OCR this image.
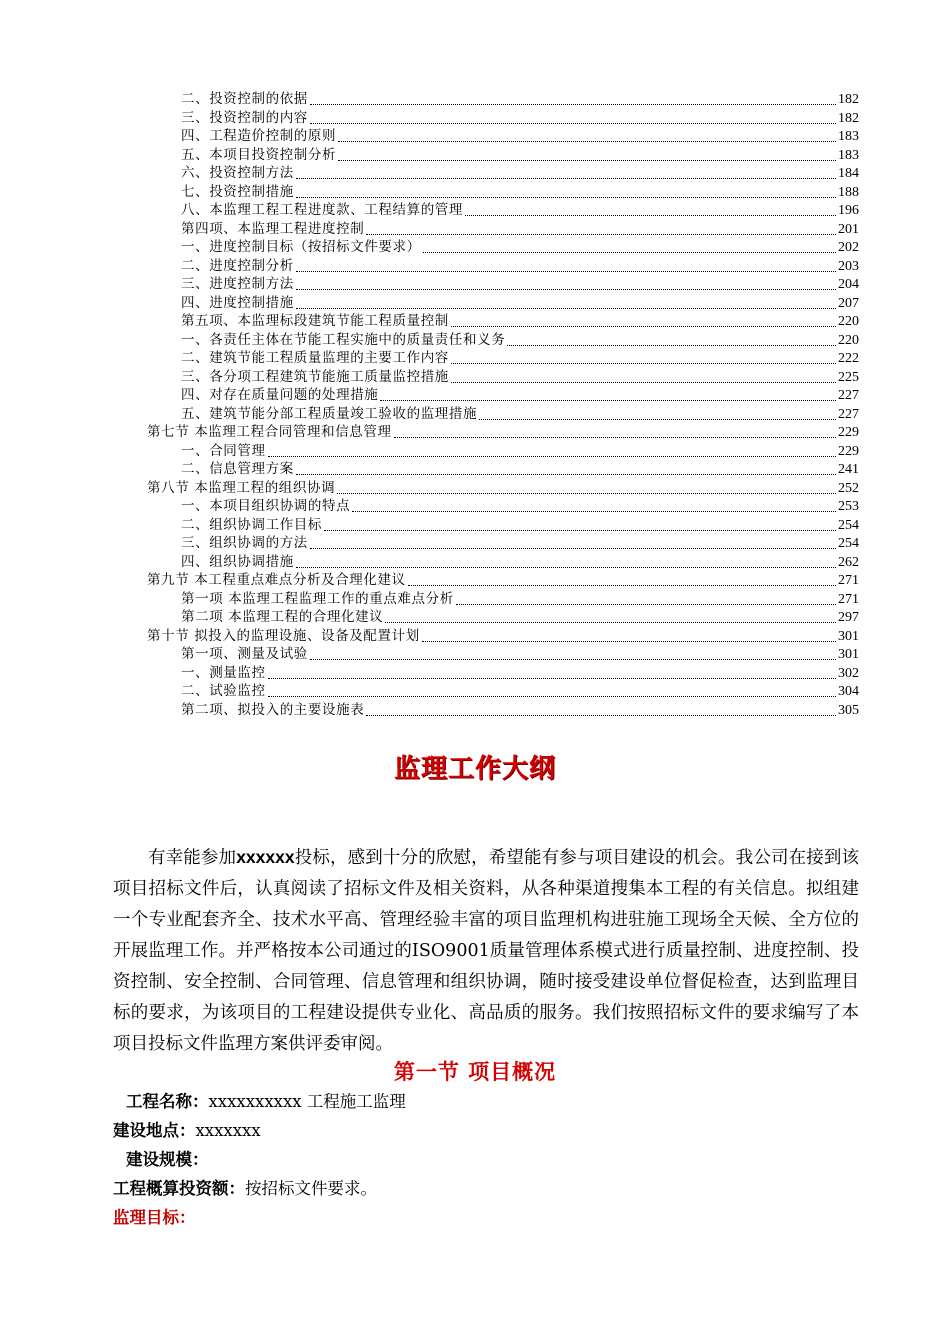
二、投资控制的依据	182
三、投资控制的内容	182
四、工程造价控制的原则	183
五、本项目投资控制分析	183
六、投资控制方法	184
七、投资控制措施	188
八、本监理工程工程进度款、工程结算的管理	196
第四项、本监理工程进度控制	201
一、进度控制目标（按招标文件要求）	202
二、进度控制分析	203
三、进度控制方法	204
四、进度控制措施	207
第五项、本监理标段建筑节能工程质量控制	220
一、各责任主体在节能工程实施中的质量责任和义务	220
二、建筑节能工程质量监理的主要工作内容	222
三、各分项工程建筑节能施工质量监控措施	225
四、对存在质量问题的处理措施	227
五、建筑节能分部工程质量竣工验收的监理措施	227
第七节 本监理工程合同管理和信息管理	229
一、合同管理	229
二、信息管理方案	241
第八节 本监理工程的组织协调	252
一、本项目组织协调的特点	253
二、组织协调工作目标	254
三、组织协调的方法	254
四、组织协调措施	262
第九节 本工程重点难点分析及合理化建议	271
第一项 本监理工程监理工作的重点难点分析	271
第二项 本监理工程的合理化建议	297
第十节 拟投入的监理设施、设备及配置计划	301
第一项、测量及试验	301
一、测量监控	302
二、试验监控	304
第二项、拟投入的主要设施表	305
监理工作大纲
有幸能参加xxxxxx投标，感到十分的欣慰，希望能有参与项目建设的机会。我公司在接到该项目招标文件后，认真阅读了招标文件及相关资料，从各种渠道搜集本工程的有关信息。拟组建一个专业配套齐全、技术水平高、管理经验丰富的项目监理机构进驻施工现场全天候、全方位的开展监理工作。并严格按本公司通过的ISO9001质量管理体系模式进行质量控制、进度控制、投资控制、安全控制、合同管理、信息管理和组织协调，随时接受建设单位督促检查，达到监理目标的要求，为该项目的工程建设提供专业化、高品质的服务。我们按照招标文件的要求编写了本项目投标文件监理方案供评委审阅。
第一节 项目概况
工程名称：xxxxxxxxxx 工程施工监理
建设地点：xxxxxxx
建设规模：
工程概算投资额：按招标文件要求。
监理目标：
